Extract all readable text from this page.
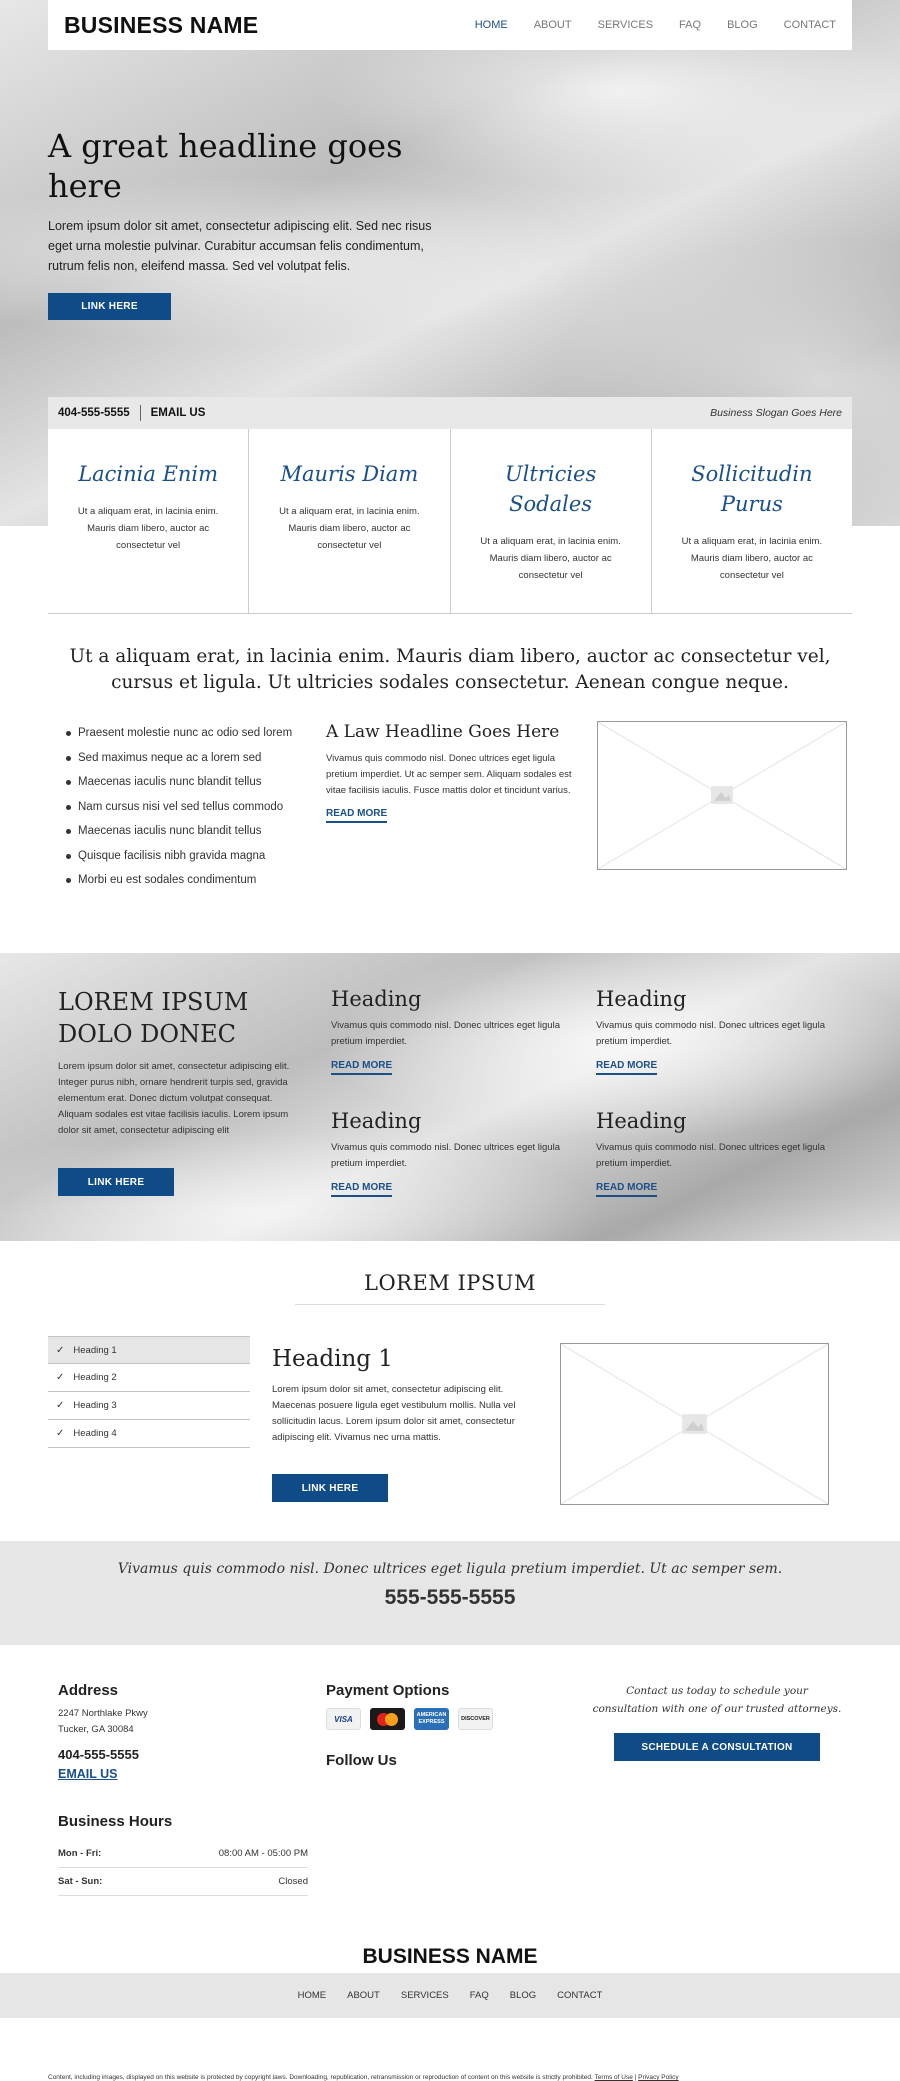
BUSINESS NAME	HOME ABOUT SERVICES FAQ BLOG CONTACT
A great headline goes here

Lorem ipsum dolor sit amet, consectetur adipiscing elit. Sed nec risus eget urna molestie pulvinar. Curabitur accumsan felis condimentum, rutrum felis non, eleifend massa. Sed vel volutpat felis.

LINK HERE
404-555-5555 EMAIL US	Business Slogan Goes Here
Lacinia Enim

Ut a aliquam erat, in lacinia enim. Mauris diam libero, auctor ac consectetur vel

Mauris Diam

Ut a aliquam erat, in lacinia enim. Mauris diam libero, auctor ac consectetur vel

Ultricies Sodales

Ut a aliquam erat, in lacinia enim. Mauris diam libero, auctor ac consectetur vel

Sollicitudin Purus

Ut a aliquam erat, in lacinia enim. Mauris diam libero, auctor ac consectetur vel

Ut a aliquam erat, in lacinia enim. Mauris diam libero, auctor ac consectetur vel, cursus et ligula. Ut ultricies sodales consectetur. Aenean congue neque.

Praesent molestie nunc ac odio sed lorem
Sed maximus neque ac a lorem sed
Maecenas iaculis nunc blandit tellus
Nam cursus nisi vel sed tellus commodo
Maecenas iaculis nunc blandit tellus
Quisque facilisis nibh gravida magna
Morbi eu est sodales condimentum
A Law Headline Goes Here

Vivamus quis commodo nisl. Donec ultrices eget ligula pretium imperdiet. Ut ac semper sem. Aliquam sodales est vitae facilisis iaculis. Fusce mattis dolor et tincidunt varius.

READ MORE
LOREM IPSUM
DOLO DONEC

Lorem ipsum dolor sit amet, consectetur adipiscing elit. Integer purus nibh, ornare hendrerit turpis sed, gravida elementum erat. Donec dictum volutpat consequat. Aliquam sodales est vitae facilisis iaculis. Lorem ipsum dolor sit amet, consectetur adipiscing elit

LINK HERE
Heading

Vivamus quis commodo nisl. Donec ultrices eget ligula pretium imperdiet.

READ MORE
Heading

Vivamus quis commodo nisl. Donec ultrices eget ligula pretium imperdiet.

READ MORE
Heading

Vivamus quis commodo nisl. Donec ultrices eget ligula pretium imperdiet.

READ MORE
Heading

Vivamus quis commodo nisl. Donec ultrices eget ligula pretium imperdiet.

READ MORE
LOREM IPSUM
✓ Heading 1
✓ Heading 2
✓ Heading 3
✓ Heading 4
Heading 1

Lorem ipsum dolor sit amet, consectetur adipiscing elit. Maecenas posuere ligula eget vestibulum mollis. Nulla vel sollicitudin lacus. Lorem ipsum dolor sit amet, consectetur adipiscing elit. Vivamus nec urna mattis.

LINK HERE

Vivamus quis commodo nisl. Donec ultrices eget ligula pretium imperdiet. Ut ac semper sem.

555-555-5555
Address
2247 Northlake Pkwy
Tucker, GA 30084
404-555-5555
EMAIL US
Business Hours
Mon - Fri:	08:00 AM - 05:00 PM
Sat - Sun:	Closed
Payment Options
VISA	AMERICAN EXPRESS	DISCOVER
Follow Us

Contact us today to schedule your consultation with one of our trusted attorneys.

SCHEDULE A CONSULTATION
BUSINESS NAME
HOME ABOUT SERVICES FAQ BLOG CONTACT
Content, including images, displayed on this website is protected by copyright laws. Downloading, republication, retransmission or reproduction of content on this website is strictly prohibited. Terms of Use | Privacy Policy
